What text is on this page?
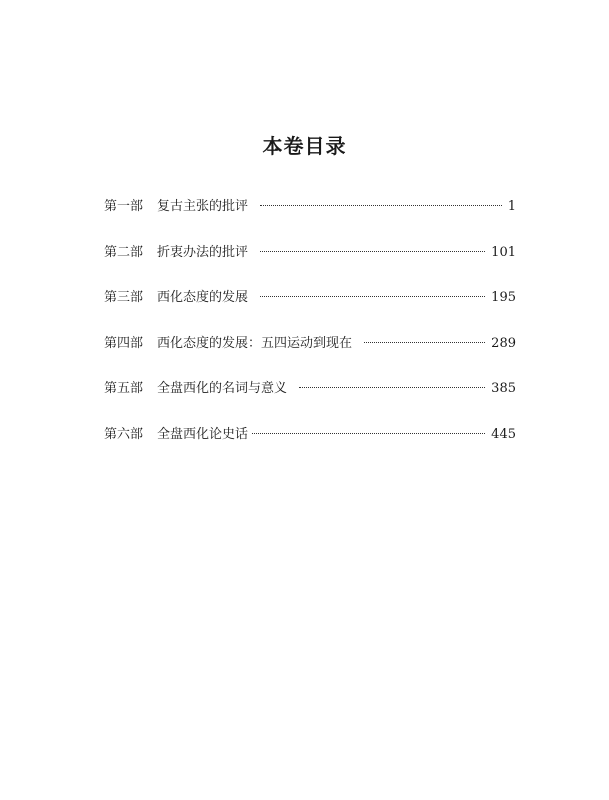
本卷目录
第一部 复古主张的批评	1
第二部 折衷办法的批评	101
第三部 西化态度的发展	195
第四部 西化态度的发展：五四运动到现在	289
第五部 全盘西化的名词与意义	385
第六部 全盘西化论史话	445
